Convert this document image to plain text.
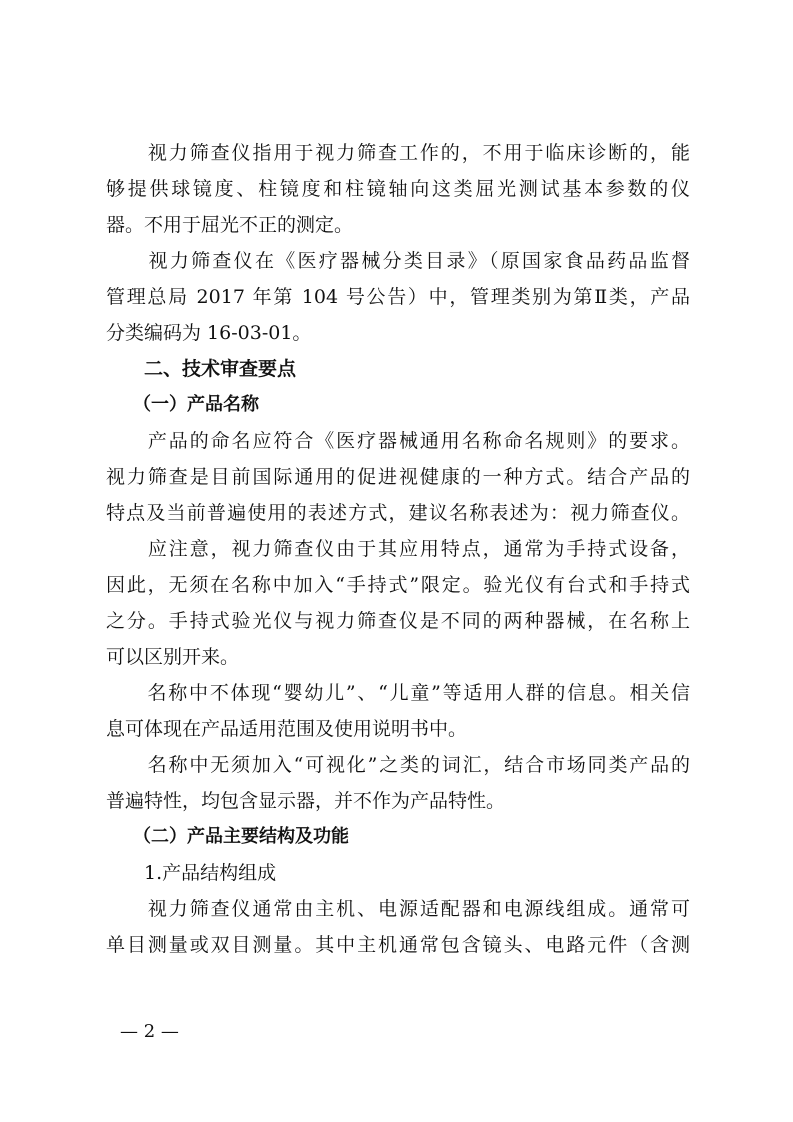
　　视力筛查仪指用于视力筛查工作的，不用于临床诊断的，能
够提供球镜度、柱镜度和柱镜轴向这类屈光测试基本参数的仪
器。不用于屈光不正的测定。
　　视力筛查仪在《医疗器械分类目录》（原国家食品药品监督
管理总局 2017 年第 104 号公告）中，管理类别为第Ⅱ类，产品
分类编码为 16-03-01。
　　二、技术审查要点
　　（一）产品名称
　　产品的命名应符合《医疗器械通用名称命名规则》的要求。
视力筛查是目前国际通用的促进视健康的一种方式。结合产品的
特点及当前普遍使用的表述方式，建议名称表述为：视力筛查仪。
　　应注意，视力筛查仪由于其应用特点，通常为手持式设备，
因此，无须在名称中加入“手持式”限定。验光仪有台式和手持式
之分。手持式验光仪与视力筛查仪是不同的两种器械，在名称上
可以区别开来。
　　名称中不体现“婴幼儿”、“儿童”等适用人群的信息。相关信
息可体现在产品适用范围及使用说明书中。
　　名称中无须加入“可视化”之类的词汇，结合市场同类产品的
普遍特性，均包含显示器，并不作为产品特性。
　　（二）产品主要结构及功能
　　1.产品结构组成
　　视力筛查仪通常由主机、电源适配器和电源线组成。通常可
单目测量或双目测量。其中主机通常包含镜头、电路元件（含测
— 2 —
